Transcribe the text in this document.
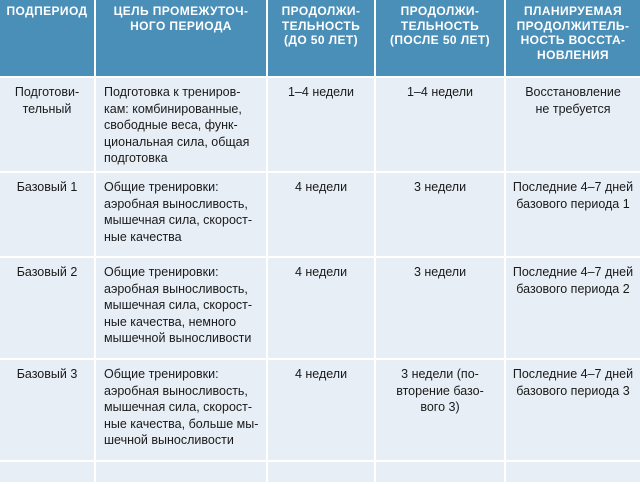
ПОДПЕРИОД	ЦЕЛЬ ПРОМЕЖУТОЧ-
НОГО ПЕРИОДА	ПРОДОЛЖИ-
ТЕЛЬНОСТЬ
(ДО 50 ЛЕТ)	ПРОДОЛЖИ-
ТЕЛЬНОСТЬ
(ПОСЛЕ 50 ЛЕТ)	ПЛАНИРУЕМАЯ
ПРОДОЛЖИТЕЛЬ-
НОСТЬ ВОССТА-
НОВЛЕНИЯ
Подготови-
тельный	Подготовка к трениров-
кам: комбинированные,
свободные веса, функ-
циональная сила, общая
подготовка	1–4 недели	1–4 недели	Восстановление
не требуется
Базовый 1	Общие тренировки:
аэробная выносливость,
мышечная сила, скорост-
ные качества	4 недели	3 недели	Последние 4–7 дней
базового периода 1
Базовый 2	Общие тренировки:
аэробная выносливость,
мышечная сила, скорост-
ные качества, немного
мышечной выносливости	4 недели	3 недели	Последние 4–7 дней
базового периода 2
Базовый 3	Общие тренировки:
аэробная выносливость,
мышечная сила, скорост-
ные качества, больше мы-
шечной выносливости	4 недели	3 недели (по-
вторение базо-
вого 3)	Последние 4–7 дней
базового периода 3
